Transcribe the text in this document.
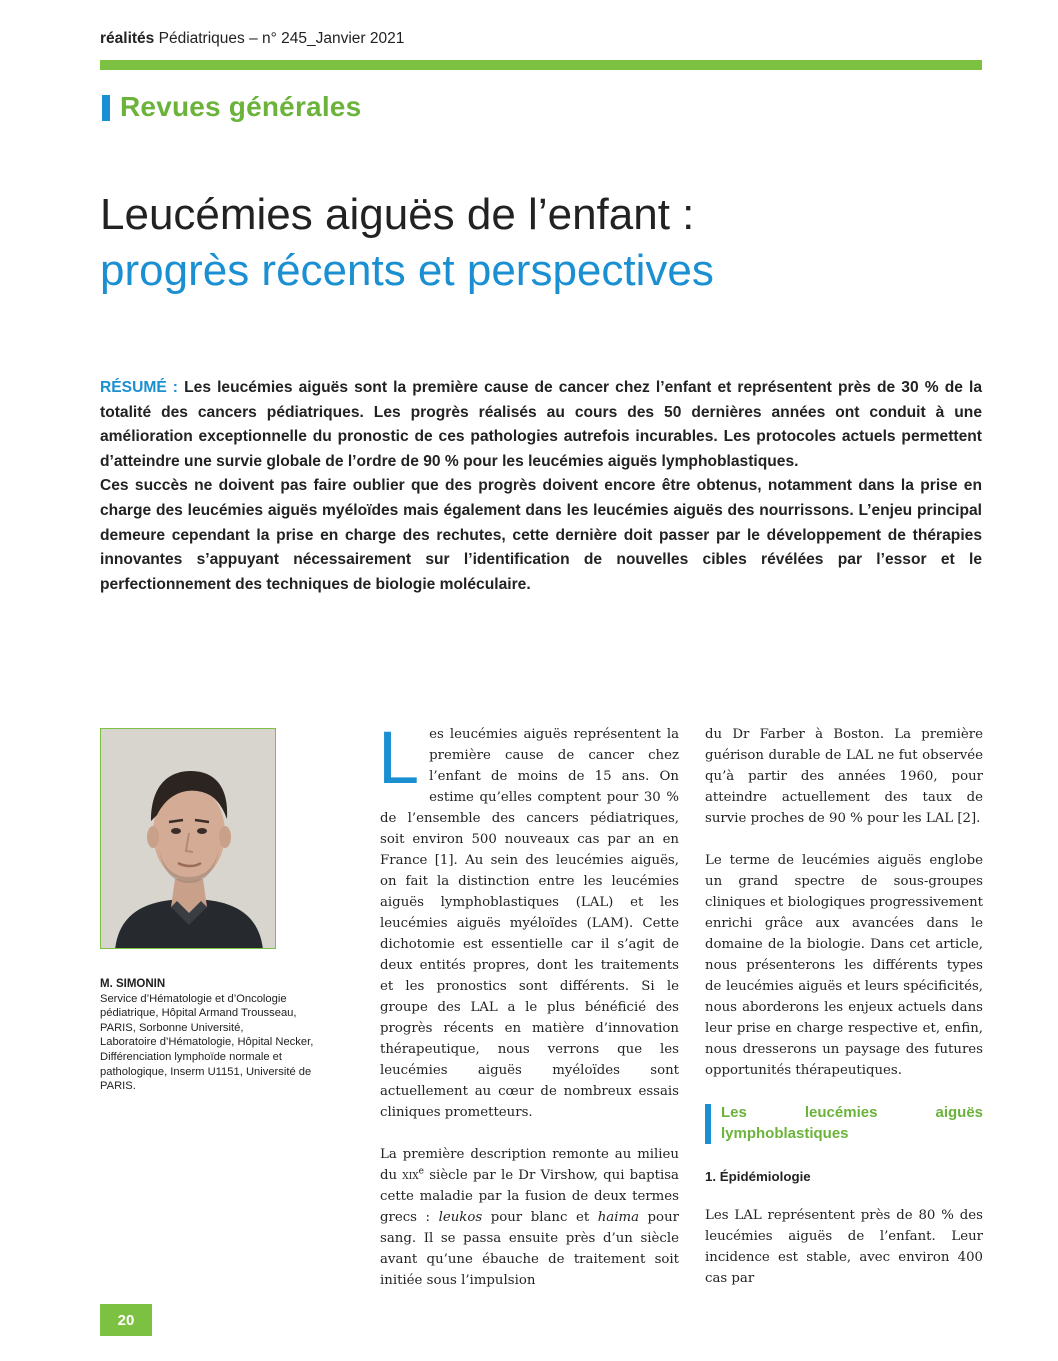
réalités Pédiatriques – n° 245_Janvier 2021
Revues générales
Leucémies aiguës de l’enfant :
progrès récents et perspectives

RÉSUMÉ : Les leucémies aiguës sont la première cause de cancer chez l’enfant et représentent près de 30 % de la totalité des cancers pédiatriques. Les progrès réalisés au cours des 50 dernières années ont conduit à une amélioration exceptionnelle du pronostic de ces pathologies autrefois incurables. Les protocoles actuels permettent d’atteindre une survie globale de l’ordre de 90 % pour les leucémies aiguës lymphoblastiques.

Ces succès ne doivent pas faire oublier que des progrès doivent encore être obtenus, notamment dans la prise en charge des leucémies aiguës myéloïdes mais également dans les leucémies aiguës des nourrissons. L’enjeu principal demeure cependant la prise en charge des rechutes, cette dernière doit passer par le développement de thérapies innovantes s’appuyant nécessairement sur l’identification de nouvelles cibles révélées par l’essor et le perfectionnement des techniques de biologie moléculaire.

M. SIMONIN
Service d’Hématologie et d’Oncologie pédiatrique, Hôpital Armand Trousseau, PARIS, Sorbonne Université,
Laboratoire d’Hématologie, Hôpital Necker, Différenciation lymphoïde normale et pathologique, Inserm U1151, Université de PARIS.

Les leucémies aiguës représentent la première cause de cancer chez l’enfant de moins de 15 ans. On estime qu’elles comptent pour 30 % de l’ensemble des cancers pédiatriques, soit environ 500 nouveaux cas par an en France [1]. Au sein des leucémies aiguës, on fait la distinction entre les leucémies aiguës lymphoblastiques (LAL) et les leucémies aiguës myéloïdes (LAM). Cette dichotomie est essentielle car il s’agit de deux entités propres, dont les traitements et les pronostics sont différents. Si le groupe des LAL a le plus bénéficié des progrès récents en matière d’innovation thérapeutique, nous verrons que les leucémies aiguës myéloïdes sont actuellement au cœur de nombreux essais cliniques prometteurs.

La première description remonte au milieu du xix$^e$ siècle par le Dr Virshow, qui baptisa cette maladie par la fusion de deux termes grecs : leukos pour blanc et haima pour sang. Il se passa ensuite près d’un siècle avant qu’une ébauche de traitement soit initiée sous l’impulsion

du Dr Farber à Boston. La première guérison durable de LAL ne fut observée qu’à partir des années 1960, pour atteindre actuellement des taux de survie proches de 90 % pour les LAL [2].

Le terme de leucémies aiguës englobe un grand spectre de sous-groupes cliniques et biologiques progressivement enrichi grâce aux avancées dans le domaine de la biologie. Dans cet article, nous présenterons les différents types de leucémies aiguës et leurs spécificités, nous aborderons les enjeux actuels dans leur prise en charge respective et, enfin, nous dresserons un paysage des futures opportunités thérapeutiques.

Les leucémies aiguës lymphoblastiques
1. Épidémiologie

Les LAL représentent près de 80 % des leucémies aiguës de l’enfant. Leur incidence est stable, avec environ 400 cas par

20
